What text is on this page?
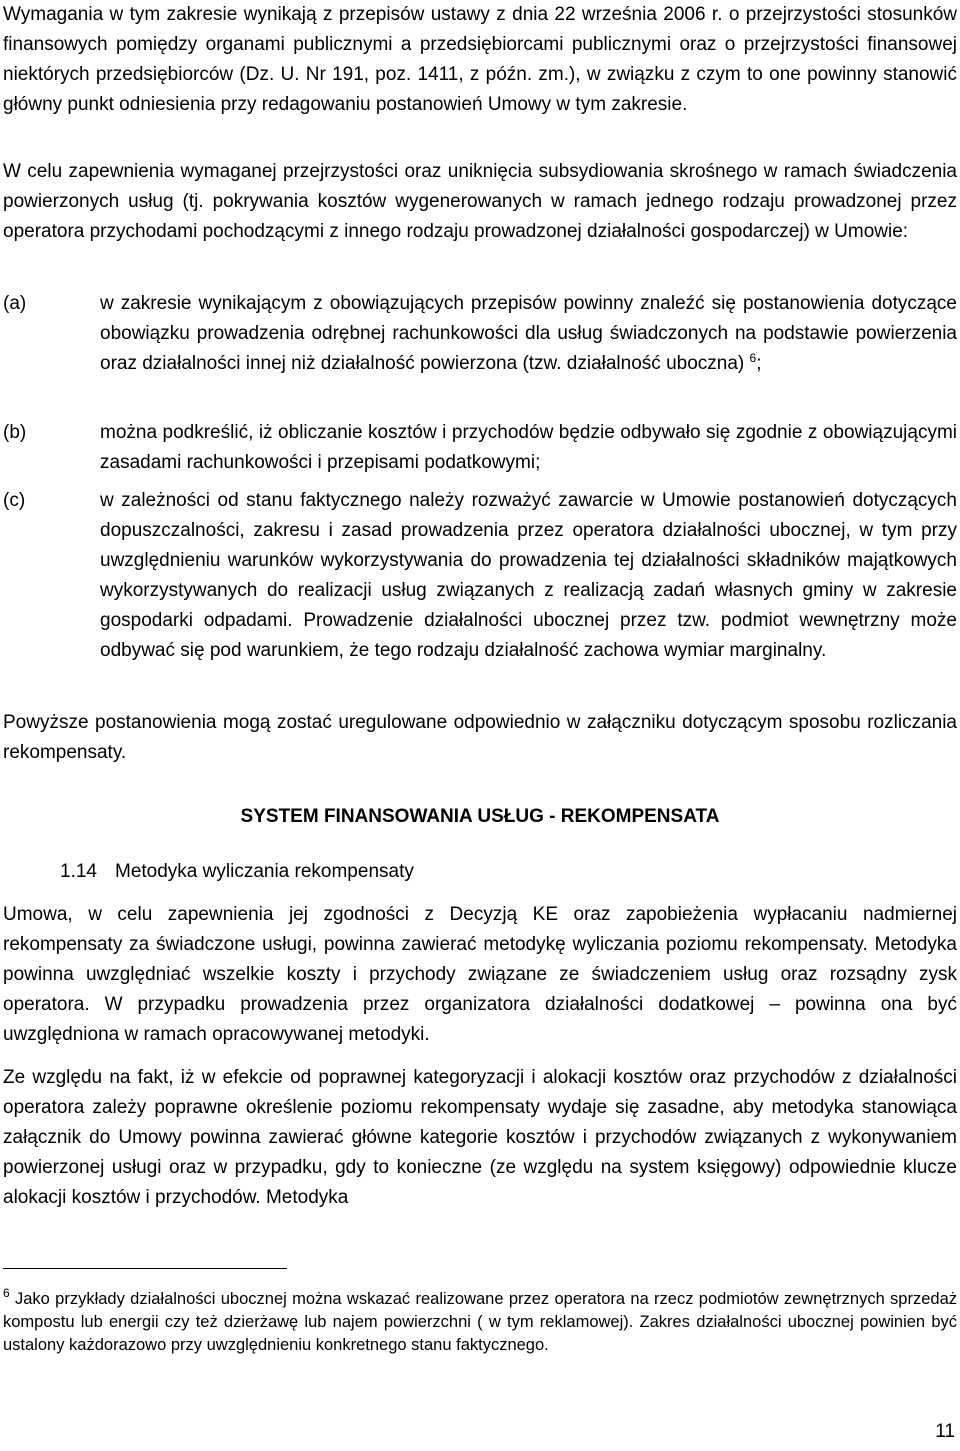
Wymagania w tym zakresie wynikają z przepisów ustawy z dnia 22 września 2006 r. o przejrzystości stosunków finansowych pomiędzy organami publicznymi a przedsiębiorcami publicznymi oraz o przejrzystości finansowej niektórych przedsiębiorców (Dz. U. Nr 191, poz. 1411, z późn. zm.), w związku z czym to one powinny stanowić główny punkt odniesienia przy redagowaniu postanowień Umowy w tym zakresie.

W celu zapewnienia wymaganej przejrzystości oraz uniknięcia subsydiowania skrośnego w ramach świadczenia powierzonych usług (tj. pokrywania kosztów wygenerowanych w ramach jednego rodzaju prowadzonej przez operatora przychodami pochodzącymi z innego rodzaju prowadzonej działalności gospodarczej) w Umowie:

(a)	w zakresie wynikającym z obowiązujących przepisów powinny znaleźć się postanowienia dotyczące obowiązku prowadzenia odrębnej rachunkowości dla usług świadczonych na podstawie powierzenia oraz działalności innej niż działalność powierzona (tzw. działalność uboczna) $^6$;
(b)	można podkreślić, iż obliczanie kosztów i przychodów będzie odbywało się zgodnie z obowiązującymi zasadami rachunkowości i przepisami podatkowymi;
(c)	w zależności od stanu faktycznego należy rozważyć zawarcie w Umowie postanowień dotyczących dopuszczalności, zakresu i zasad prowadzenia przez operatora działalności ubocznej, w tym przy uwzględnieniu warunków wykorzystywania do prowadzenia tej działalności składników majątkowych wykorzystywanych do realizacji usług związanych z realizacją zadań własnych gminy w zakresie gospodarki odpadami. Prowadzenie działalności ubocznej przez tzw. podmiot wewnętrzny może odbywać się pod warunkiem, że tego rodzaju działalność zachowa wymiar marginalny.

Powyższe postanowienia mogą zostać uregulowane odpowiednio w załączniku dotyczącym sposobu rozliczania rekompensaty.

SYSTEM FINANSOWANIA USŁUG - REKOMPENSATA
1.14 Metodyka wyliczania rekompensaty

Umowa, w celu zapewnienia jej zgodności z Decyzją KE oraz zapobieżenia wypłacaniu nadmiernej rekompensaty za świadczone usługi, powinna zawierać metodykę wyliczania poziomu rekompensaty. Metodyka powinna uwzględniać wszelkie koszty i przychody związane ze świadczeniem usług oraz rozsądny zysk operatora. W przypadku prowadzenia przez organizatora działalności dodatkowej – powinna ona być uwzględniona w ramach opracowywanej metodyki.

Ze względu na fakt, iż w efekcie od poprawnej kategoryzacji i alokacji kosztów oraz przychodów z działalności operatora zależy poprawne określenie poziomu rekompensaty wydaje się zasadne, aby metodyka stanowiąca załącznik do Umowy powinna zawierać główne kategorie kosztów i przychodów związanych z wykonywaniem powierzonej usługi oraz w przypadku, gdy to konieczne (ze względu na system księgowy) odpowiednie klucze alokacji kosztów i przychodów. Metodyka

$^6$ Jako przykłady działalności ubocznej można wskazać realizowane przez operatora na rzecz podmiotów zewnętrznych sprzedaż kompostu lub energii czy też dzierżawę lub najem powierzchni ( w tym reklamowej). Zakres działalności ubocznej powinien być ustalony każdorazowo przy uwzględnieniu konkretnego stanu faktycznego.
11
